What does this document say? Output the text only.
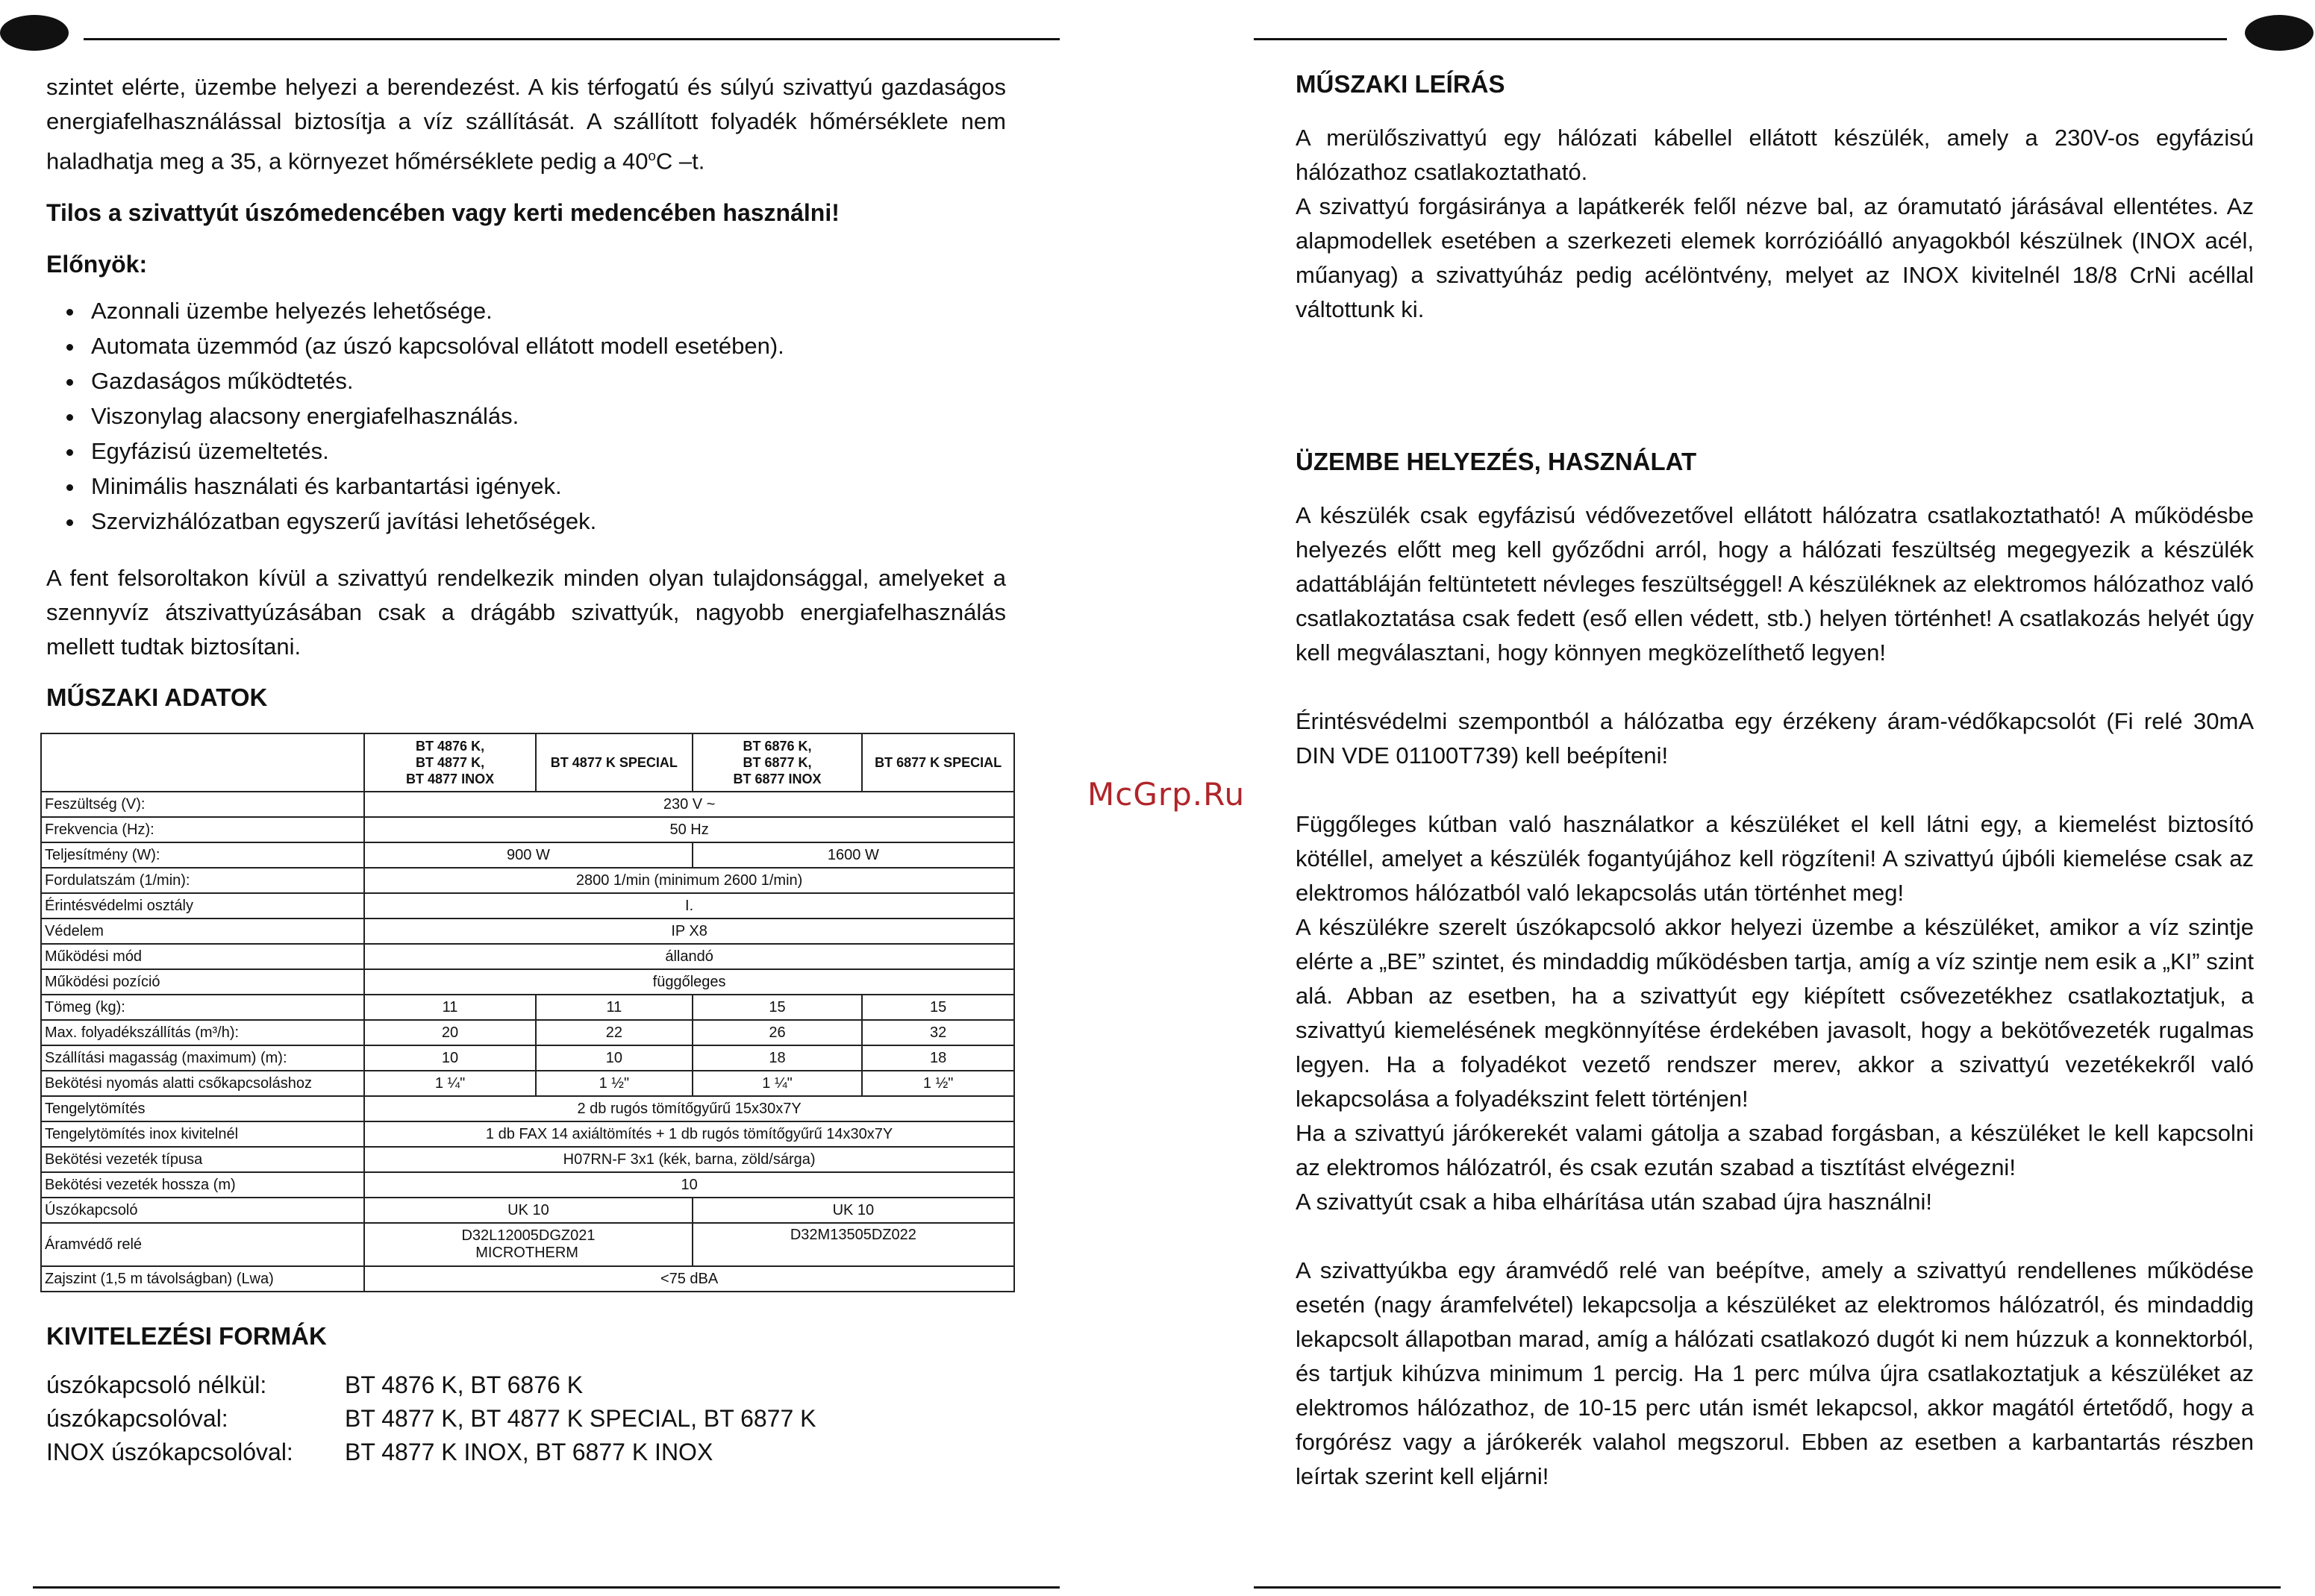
McGrp.Ru

szintet elérte, üzembe helyezi a berendezést. A kis térfogatú és súlyú szivattyú gazdaságos energiafelhasználással biztosítja a víz szállítását. A szállított folyadék hőmérséklete nem haladhatja meg a 35, a környezet hőmérséklete pedig a 40$^o$C –t.

Tilos a szivattyút úszómedencében vagy kerti medencében használni!

Előnyök:

• Azonnali üzembe helyezés lehetősége.
• Automata üzemmód (az úszó kapcsolóval ellátott modell esetében).
• Gazdaságos működtetés.
• Viszonylag alacsony energiafelhasználás.
• Egyfázisú üzemeltetés.
• Minimális használati és karbantartási igények.
• Szervizhálózatban egyszerű javítási lehetőségek.

A fent felsoroltakon kívül a szivattyú rendelkezik minden olyan tulajdonsággal, amelyeket a szennyvíz átszivattyúzásában csak a drágább szivattyúk, nagyobb energiafelhasználás mellett tudtak biztosítani.

MŰSZAKI ADATOK

	BT 4876 K,
BT 4877 K,
BT 4877 INOX	BT 4877 K SPECIAL	BT 6876 K,
BT 6877 K,
BT 6877 INOX	BT 6877 K SPECIAL
Feszültség (V):	230 V ~			
Frekvencia (Hz):	50 Hz			
Teljesítmény (W):	900 W		1600 W	
Fordulatszám (1/min):	2800 1/min (minimum 2600 1/min)			
Érintésvédelmi osztály	I.			
Védelem	IP X8			
Működési mód	állandó			
Működési pozíció	függőleges			
Tömeg (kg):	11	11	15	15
Max. folyadékszállítás (m³/h):	20	22	26	32
Szállítási magasság (maximum) (m):	10	10	18	18
Bekötési nyomás alatti csőkapcsoláshoz	1 ¼"	1 ½"	1 ¼"	1 ½"
Tengelytömítés	2 db rugós tömítőgyűrű 15x30x7Y			
Tengelytömítés inox kivitelnél	1 db FAX 14 axiáltömítés + 1 db rugós tömítőgyűrű 14x30x7Y			
Bekötési vezeték típusa	H07RN-F 3x1 (kék, barna, zöld/sárga)			
Bekötési vezeték hossza (m)	10			
Úszókapcsoló	UK 10		UK 10	
Áramvédő relé	D32L12005DGZ021
MICROTHERM		D32M13505DZ022	
Zajszint (1,5 m távolságban) (Lwa)	<75 dBA			

KIVITELEZÉSI FORMÁK

úszókapcsoló nélkül:	BT 4876 K, BT 6876 K
úszókapcsolóval:	BT 4877 K, BT 4877 K SPECIAL, BT 6877 K
INOX úszókapcsolóval:	BT 4877 K INOX, BT 6877 K INOX

MŰSZAKI LEÍRÁS

A merülőszivattyú egy hálózati kábellel ellátott készülék, amely a 230V-os egyfázisú hálózathoz csatlakoztatható.

A szivattyú forgásiránya a lapátkerék felől nézve bal, az óramutató járásával ellentétes. Az alapmodellek esetében a szerkezeti elemek korrózióálló anyagokból készülnek (INOX acél, műanyag) a szivattyúház pedig acélöntvény, melyet az INOX kivitelnél 18/8 CrNi acéllal váltottunk ki.

ÜZEMBE HELYEZÉS, HASZNÁLAT

A készülék csak egyfázisú védővezetővel ellátott hálózatra csatlakoztatható! A működésbe helyezés előtt meg kell győződni arról, hogy a hálózati feszültség megegyezik a készülék adattábláján feltüntetett névleges feszültséggel! A készüléknek az elektromos hálózathoz való csatlakoztatása csak fedett (eső ellen védett, stb.) helyen történhet! A csatlakozás helyét úgy kell megválasztani, hogy könnyen megközelíthető legyen!

Érintésvédelmi szempontból a hálózatba egy érzékeny áram-védőkapcsolót (Fi relé 30mA DIN VDE 01100T739) kell beépíteni!

Függőleges kútban való használatkor a készüléket el kell látni egy, a kiemelést biztosító kötéllel, amelyet a készülék fogantyújához kell rögzíteni! A szivattyú újbóli kiemelése csak az elektromos hálózatból való lekapcsolás után történhet meg!

A készülékre szerelt úszókapcsoló akkor helyezi üzembe a készüléket, amikor a víz szintje elérte a „BE” szintet, és mindaddig működésben tartja, amíg a víz szintje nem esik a „KI” szint alá. Abban az esetben, ha a szivattyút egy kiépített csővezetékhez csatlakoztatjuk, a szivattyú kiemelésének megkönnyítése érdekében javasolt, hogy a bekötővezeték rugalmas legyen. Ha a folyadékot vezető rendszer merev, akkor a szivattyú vezetékekről való lekapcsolása a folyadékszint felett történjen!

Ha a szivattyú járókerekét valami gátolja a szabad forgásban, a készüléket le kell kapcsolni az elektromos hálózatról, és csak ezután szabad a tisztítást elvégezni!

A szivattyút csak a hiba elhárítása után szabad újra használni!

A szivattyúkba egy áramvédő relé van beépítve, amely a szivattyú rendellenes működése esetén (nagy áramfelvétel) lekapcsolja a készüléket az elektromos hálózatról, és mindaddig lekapcsolt állapotban marad, amíg a hálózati csatlakozó dugót ki nem húzzuk a konnektorból, és tartjuk kihúzva minimum 1 percig. Ha 1 perc múlva újra csatlakoztatjuk a készüléket az elektromos hálózathoz, de 10-15 perc után ismét lekapcsol, akkor magától értetődő, hogy a forgórész vagy a járókerék valahol megszorul. Ebben az esetben a karbantartás részben leírtak szerint kell eljárni!
